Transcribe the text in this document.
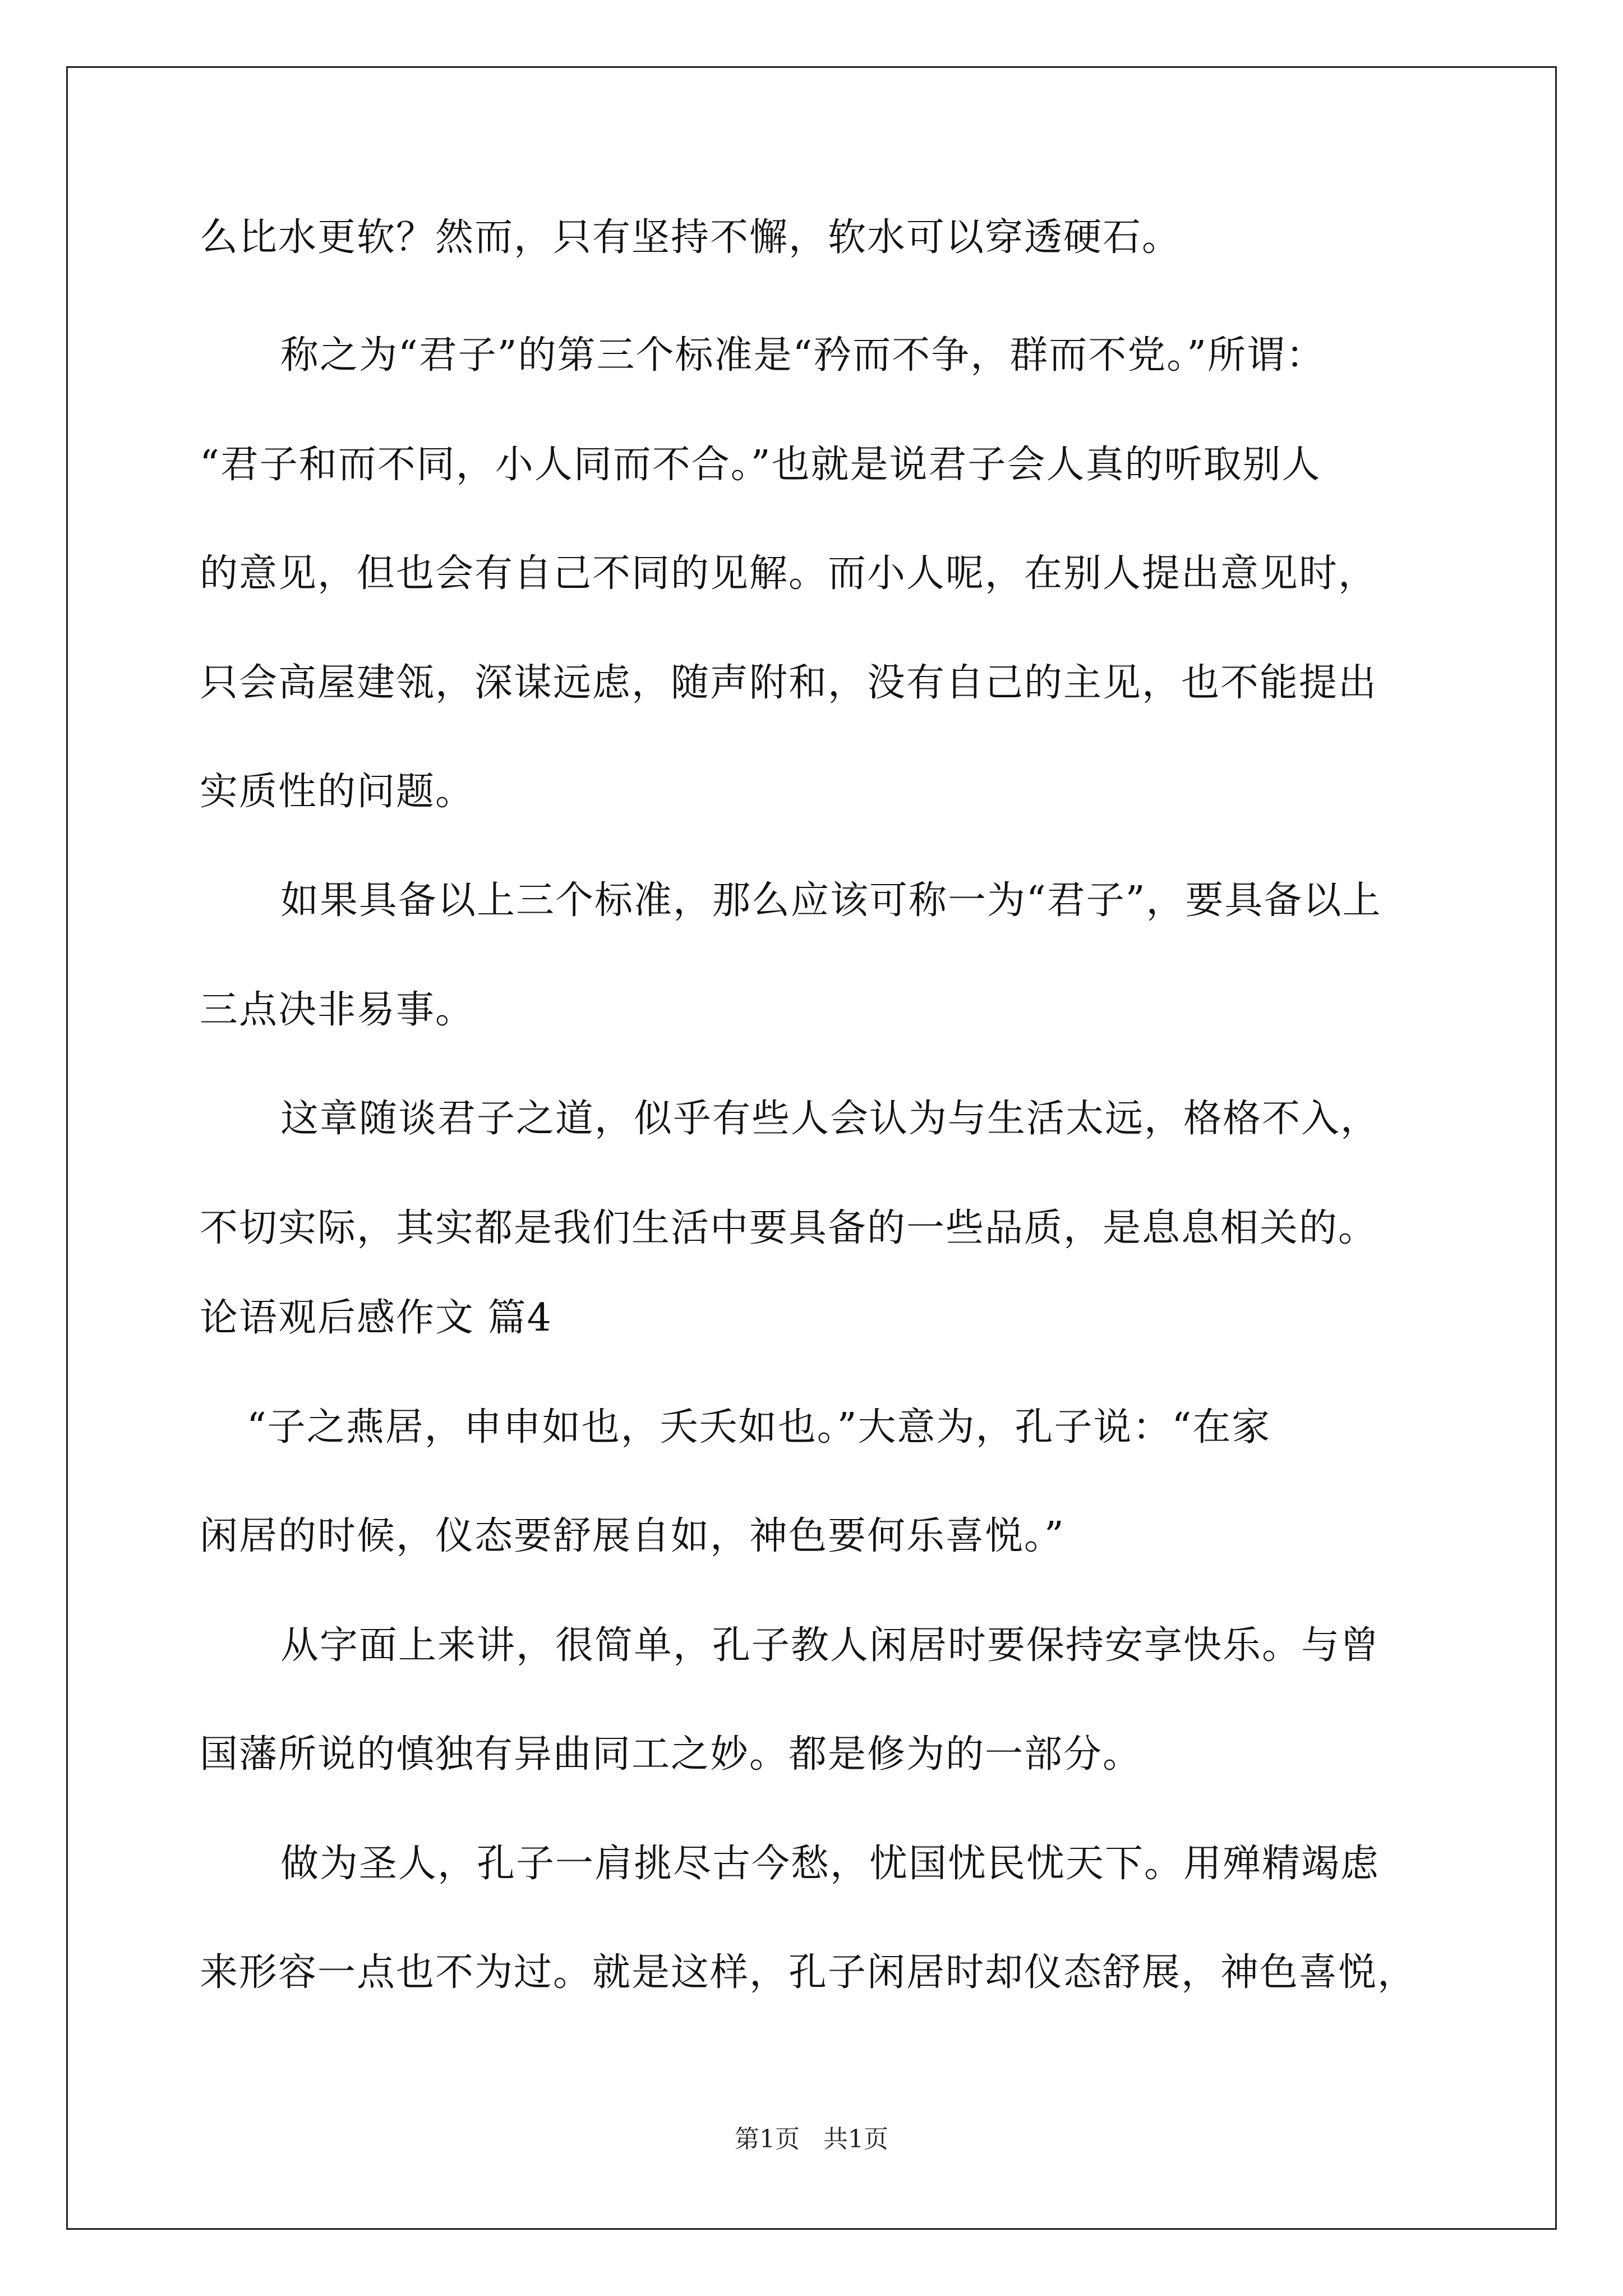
么比水更软？然而，只有坚持不懈，软水可以穿透硬石。
称之为“君子”的第三个标准是“矜而不争，群而不党。”所谓：
“君子和而不同，小人同而不合。”也就是说君子会人真的听取别人
的意见，但也会有自己不同的见解。而小人呢，在别人提出意见时，
只会高屋建瓴，深谋远虑，随声附和，没有自己的主见，也不能提出
实质性的问题。
如果具备以上三个标准，那么应该可称一为“君子”，要具备以上
三点决非易事。
这章随谈君子之道，似乎有些人会认为与生活太远，格格不入，
不切实际，其实都是我们生活中要具备的一些品质，是息息相关的。
论语观后感作文 篇4
“子之燕居，申申如也，夭夭如也。”大意为，孔子说：“在家
闲居的时候，仪态要舒展自如，神色要何乐喜悦。”
从字面上来讲，很简单，孔子教人闲居时要保持安享快乐。与曾
国藩所说的慎独有异曲同工之妙。都是修为的一部分。
做为圣人，孔子一肩挑尽古今愁，忧国忧民忧天下。用殚精竭虑
来形容一点也不为过。就是这样，孔子闲居时却仪态舒展，神色喜悦，
第1页   共1页
